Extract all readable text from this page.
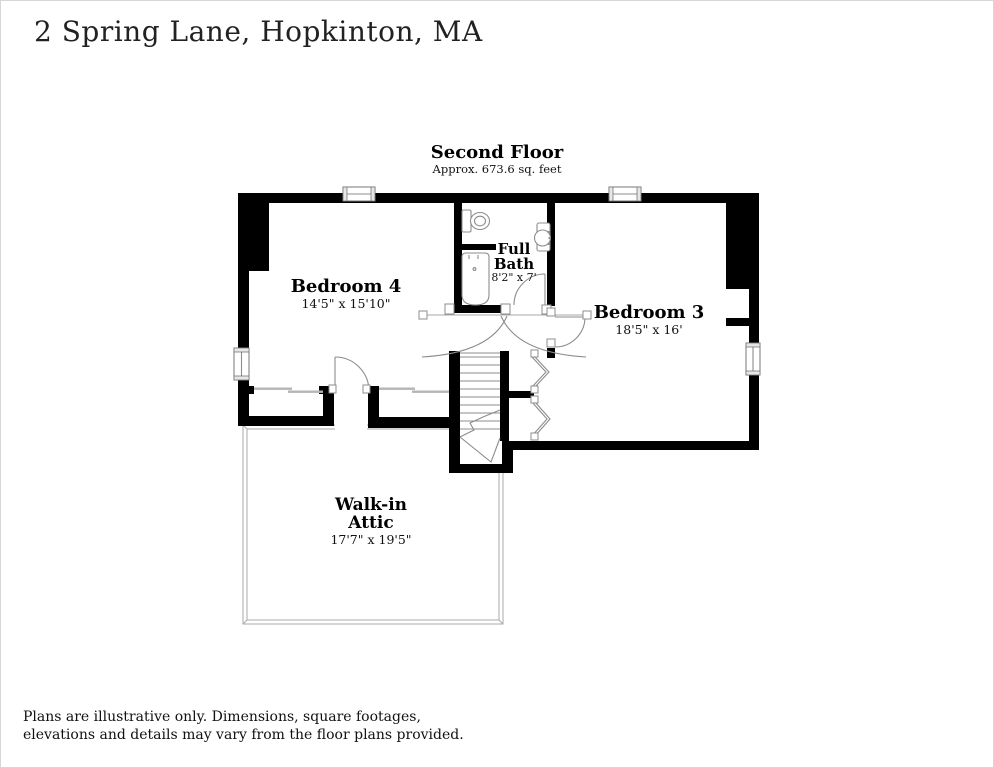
2 Spring Lane, Hopkinton, MA
Second Floor
Approx. 673.6 sq. feet
Bedroom 4
14'5" x 15'10"
Full
Bath
8'2" x 7'
Bedroom 3
18'5" x 16'
Walk-in
Attic
17'7" x 19'5"
Plans are illustrative only. Dimensions, square footages,
elevations and details may vary from the floor plans provided.
